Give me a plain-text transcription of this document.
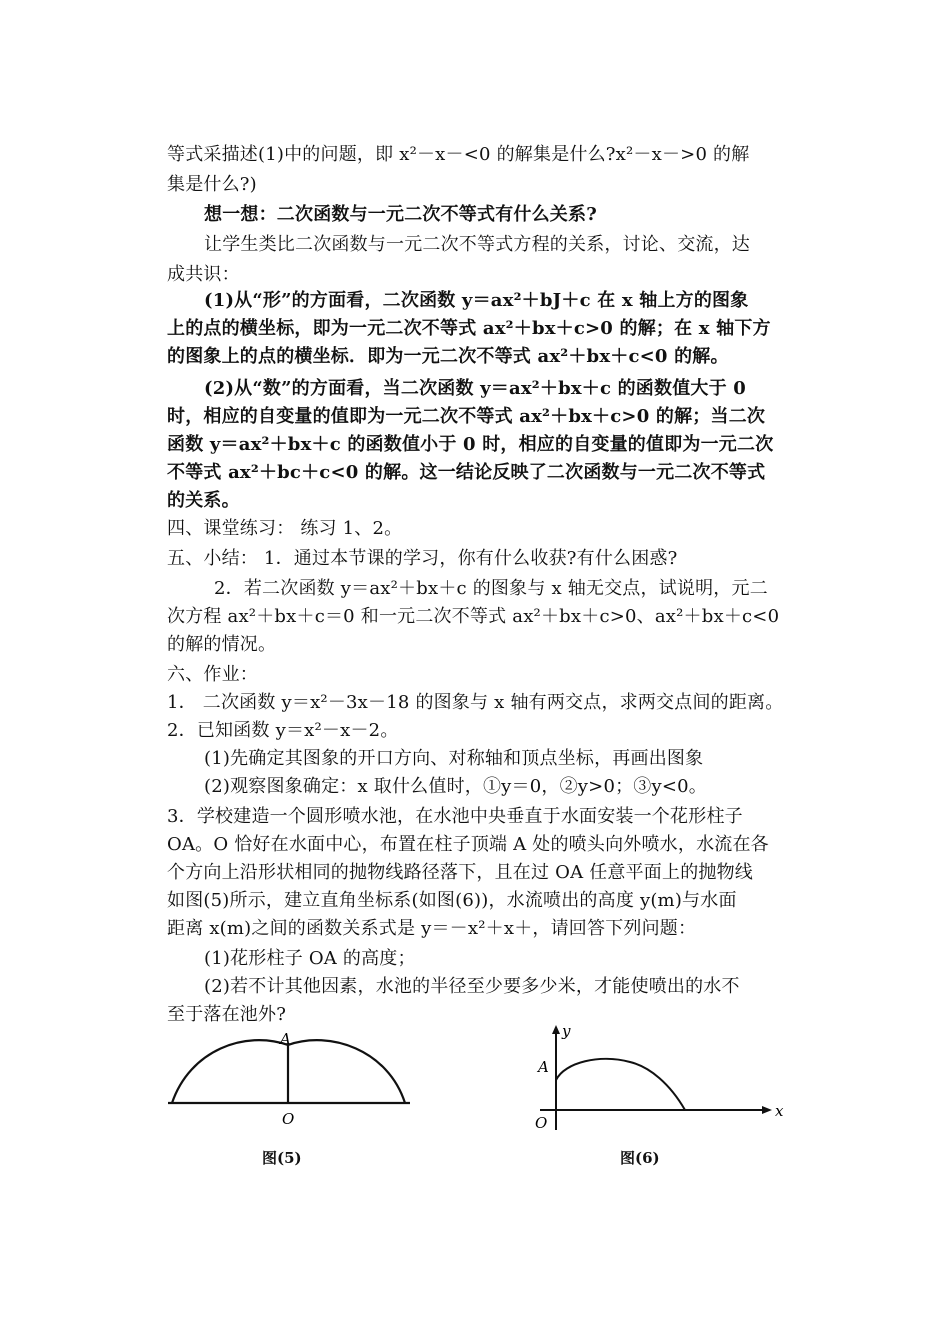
等式采描述(1)中的问题，即 x²－x－<0 的解集是什么?x²－x－>0 的解
集是什么?)
想一想：二次函数与一元二次不等式有什么关系?
让学生类比二次函数与一元二次不等式方程的关系，讨论、交流，达
成共识：
(1)从“形”的方面看，二次函数 y＝ax²＋bJ＋c 在 x 轴上方的图象
上的点的横坐标，即为一元二次不等式 ax²＋bx＋c>0 的解；在 x 轴下方
的图象上的点的横坐标．即为一元二次不等式 ax²＋bx＋c<0 的解。
(2)从“数”的方面看，当二次函数 y＝ax²＋bx＋c 的函数值大于 0
时，相应的自变量的值即为一元二次不等式 ax²＋bx＋c>0 的解；当二次
函数 y＝ax²＋bx＋c 的函数值小于 0 时，相应的自变量的值即为一元二次
不等式 ax²＋bc＋c<0 的解。这一结论反映了二次函数与一元二次不等式
的关系。
四、课堂练习： 练习 1、2。
五、小结： 1．通过本节课的学习，你有什么收获?有什么困惑?
2．若二次函数 y＝ax²＋bx＋c 的图象与 x 轴无交点，试说明，元二
次方程 ax²＋bx＋c＝0 和一元二次不等式 ax²＋bx＋c>0、ax²＋bx＋c<0
的解的情况。
六、作业：
1． 二次函数 y＝x²－3x－18 的图象与 x 轴有两交点，求两交点间的距离。
2．已知函数 y＝x²－x－2。
(1)先确定其图象的开口方向、对称轴和顶点坐标，再画出图象
(2)观察图象确定：x 取什么值时，①y＝0，②y>0；③y<0。
3．学校建造一个圆形喷水池，在水池中央垂直于水面安装一个花形柱子
OA。O 恰好在水面中心，布置在柱子顶端 A 处的喷头向外喷水，水流在各
个方向上沿形状相同的抛物线路径落下，且在过 OA 任意平面上的抛物线
如图(5)所示，建立直角坐标系(如图(6))，水流喷出的高度 y(m)与水面
距离 x(m)之间的函数关系式是 y＝－x²＋x＋，请回答下列问题：
(1)花形柱子 OA 的高度；
(2)若不计其他因素，水池的半径至少要多少米，才能使喷出的水不
至于落在池外?
A
O
图(5)
y
A
O
x
图(6)
